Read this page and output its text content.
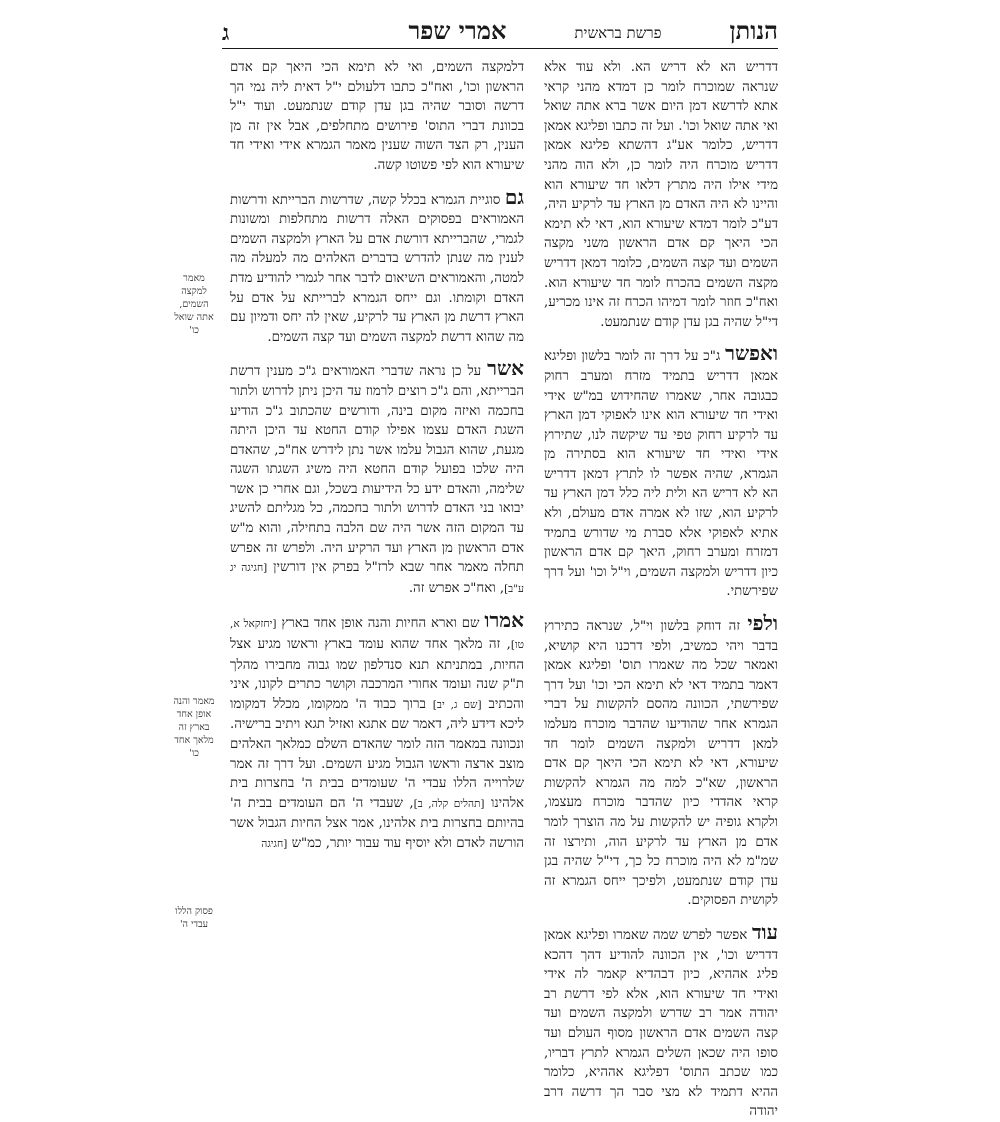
הנותן
פרשת בראשית
אמרי שפר
ג

דדריש הא לא דריש הא. ולא עוד אלא שנראה שמוכרח לומר כן דמדא מהני קראי אתא לדרשא דמן היום אשר ברא אתה שואל ואי אתה שואל וכו'. ועל זה כתבו ופליגא אמאן דדריש, כלומר אע"ג דהשתא פליגא אמאן דדריש מוכרח היה לומר כן, ולא הוה מהני מידי אילו היה מתרץ דלאו חד שיעורא הוא והיינו לא היה האדם מן הארץ עד לרקיע היה, דע"כ לומר דמדא שיעורא הוא, דאי לא תימא הכי היאך קם אדם הראשון משני מקצה השמים ועד קצה השמים, כלומר דמאן דדריש מקצה השמים בהכרח לומר חד שיעורא הוא. ואח"כ חוזר לומר דמיהו הכרח זה אינו מכריע, די"ל שהיה בגן עדן קודם שנתמעט.

ואפשר ג"כ על דרך זה לומר בלשון ופליגא אמאן דדריש בתמיד מזרח ומערב רחוק כבגובה אחר, שאמרו שהחידוש במ"ש אידי ואידי חד שיעורא הוא אינו לאפוקי דמן הארץ עד לרקיע רחוק טפי עד שיקשה לנו, שתירוץ אידי ואידי חד שיעורא הוא בסתירה מן הגמרא, שהיה אפשר לו לתרץ דמאן דדריש הא לא דריש הא ולית ליה כלל דמן הארץ עד לרקיע הוא, שזו לא אמרה אדם מעולם, ולא אתיא לאפוקי אלא סברת מי שדורש בתמיד דמזרח ומערב רחוק, היאך קם אדם הראשון כיון דדריש ולמקצה השמים, וי"ל וכו' ועל דרך שפירשתי.

ולפי זה דוחק בלשון וי"ל, שנראה כתירוץ בדבר ויהי כמשיב, ולפי דרכנו היא קושיא, ואמאר שכל מה שאמרו תוס' ופליגא אמאן דאמר בתמיד דאי לא תימא הכי וכו' ועל דרך שפירשתי, הכוונה מהסם להקשות על דברי הגמרא אחר שהודיעו שהדבר מוכרח מעלמו למאן דדריש ולמקצה השמים לומר חד שיעורא, דאי לא תימא הכי היאך קם אדם הראשון, שא"כ למה מה הגמרא להקשות קראי אהדדי כיון שהדבר מוכרח מעצמו, ולקרא גופיה יש להקשות על מה הוצרך לומר אדם מן הארץ עד לרקיע הוה, ותירצו זה שמ"מ לא היה מוכרח כל כך, די"ל שהיה בגן עדן קודם שנתמעט, ולפיכך ייחס הגמרא זה לקושית הפסוקים.

עוד אפשר לפרש שמה שאמרו ופליגא אמאן דדריש וכו', אין הכוונה להודיע דהך דהכא פליג אההיא, כיון דבהדיא קאמר לה אידי ואידי חד שיעורא הוא, אלא לפי דרשת רב יהודה אמר רב שדרש ולמקצה השמים ועד קצה השמים אדם הראשון מסוף העולם ועד סופו היה שכאן השלים הגמרא לתרץ דבריו, כמו שכתב התוס' דפליגא אההיא, כלומר ההיא דתמיד לא מצי סבר הך דרשה דרב יהודה

דלמקצה השמים, ואי לא תימא הכי היאך קם אדם הראשון וכו', ואח"כ כתבו דלעולם י"ל דאית ליה נמי הך דרשה וסובר שהיה בגן עדן קודם שנתמעט. ועוד י"ל בכוונת דברי התוס' פירושים מתחלפים, אבל אין זה מן הענין, רק הצד השוה שענין מאמר הגמרא אידי ואידי חד שיעורא הוא לפי פשוטו קשה.

גם סוגיית הגמרא בכלל קשה, שדרשות הברייתא ודרשות האמוראים בפסוקים האלה דרשות מתחלפות ומשונות לגמרי, שהברייתא דורשת אדם על הארץ ולמקצה השמים לענין מה שנתן להדרש בדברים האלהים מה למעלה מה למטה, והאמוראים השיאום לדבר אחר לגמרי להודיע מדת האדם וקומתו. וגם ייחס הגמרא לברייתא על אדם על הארץ דרשת מן הארץ עד לרקיע, שאין לה יחס ודמיון עם מה שהוא דרשת למקצה השמים ועד קצה השמים.

אשר על כן נראה שדברי האמוראים ג"כ מענין דרשת הברייתא, והם ג"כ רוצים לרמוז עד היכן ניתן לדרוש ולתור בחכמה ואיזה מקום בינה, ודורשים שהכתוב ג"כ הודיע השגת האדם עצמו אפילו קודם החטא עד היכן היתה מגעת, שהוא הגבול עלמו אשר נתן לידרש אח"כ, שהאדם היה שלכו בפועל קודם החטא היה משיג השגתו השגה שלימה, והאדם ידע כל הידיעות בשכל, וגם אחרי כן אשר יבואו בני האדם לדרוש ולתור בחכמה, כל מגליתם להשיג עד המקום הזה אשר היה שם הלבה בתחילה, והוא מ"ש אדם הראשון מן הארץ ועד הרקיע היה. ולפרש זה אפרש תחלה מאמר אחר שבא לרז"ל בפרק אין דורשין [חגיגה יג ע"ב], ואח"כ אפרש זה.

אמרו שם וארא החיות והנה אופן אחד בארץ [יחזקאל א, טו], זה מלאך אחד שהוא עומד בארץ וראשו מגיע אצל החיות, במתניתא תנא סנדלפון שמו גבוה מחבירו מהלך ת"ק שנה ועומד אחורי המרכבה וקושר כתרים לקונו, איני והכתיב [שם ג, יב] ברוך כבוד ה' ממקומו, מכלל דמקומו ליכא דידע ליה, דאמר שם אתגא ואזיל תגא ויתיב ברישיה. ונכוונה במאמר הזה לומר שהאדם השלם כמלאך האלהים מוצב ארצה וראשו הגבול מגיע השמים. ועל דרך זה אמר שלרוייה הללו עבדי ה' שעומדים בבית ה' בחצרות בית אלהינו [תהלים קלה, ב], שעבדי ה' הם העומדים בבית ה' בהיותם בחצרות בית אלהינו, אמר אצל החיות הגבול אשר הורשה לאדם ולא יוסיף עוד עבור יותר, כמ"ש [חגיגה

מאמר למקצה השמים, אתה שואל כו'
מאמר והנה אופן אחד בארץ זה מלאך אחד כו'
פסוק הללו עבדי ה'
